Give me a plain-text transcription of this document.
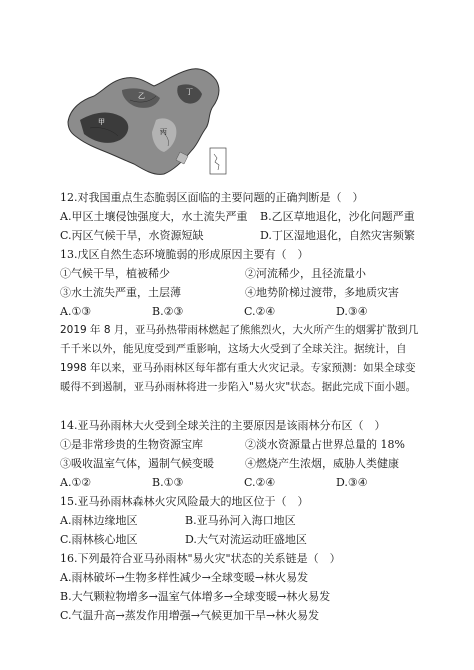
甲
乙
丙
丁
12.对我国重点生态脆弱区面临的主要问题的正确判断是（　）
A.甲区土壤侵蚀强度大，水土流失严重	B.乙区草地退化，沙化问题严重
C.丙区气候干旱，水资源短缺	D.丁区湿地退化，自然灾害频繁
13.戊区自然生态环境脆弱的形成原因主要有（　）
①气候干旱，植被稀少	②河流稀少，且径流量小
③水土流失严重，土层薄	④地势阶梯过渡带，多地质灾害
A.①③	B.②③	C.②④	D.③④
2019 年 8 月，亚马孙热带雨林燃起了熊熊烈火，大火所产生的烟雾扩散到几千千米以外，能见度受到严重影响，这场大火受到了全球关注。据统计，自 1998 年以来，亚马孙雨林区每年都有重大火灾记录。专家预测：如果全球变暖得不到遏制，亚马孙雨林将进一步陷入"易火灾"状态。据此完成下面小题。
14.亚马孙雨林大火受到全球关注的主要原因是该雨林分布区（　）
①是非常珍贵的生物资源宝库	②淡水资源量占世界总量的 18%
③吸收温室气体，遏制气候变暖	④燃烧产生浓烟，威胁人类健康
A.①②	B.①③	C.②④	D.③④
15.亚马孙雨林森林火灾风险最大的地区位于（　）
A.雨林边缘地区	B.亚马孙河入海口地区
C.雨林核心地区	D.大气对流运动旺盛地区
16.下列最符合亚马孙雨林"易火灾"状态的关系链是（　）
A.雨林破坏→生物多样性减少→全球变暖→林火易发
B.大气颗粒物增多→温室气体增多→全球变暖→林火易发
C.气温升高→蒸发作用增强→气候更加干旱→林火易发
